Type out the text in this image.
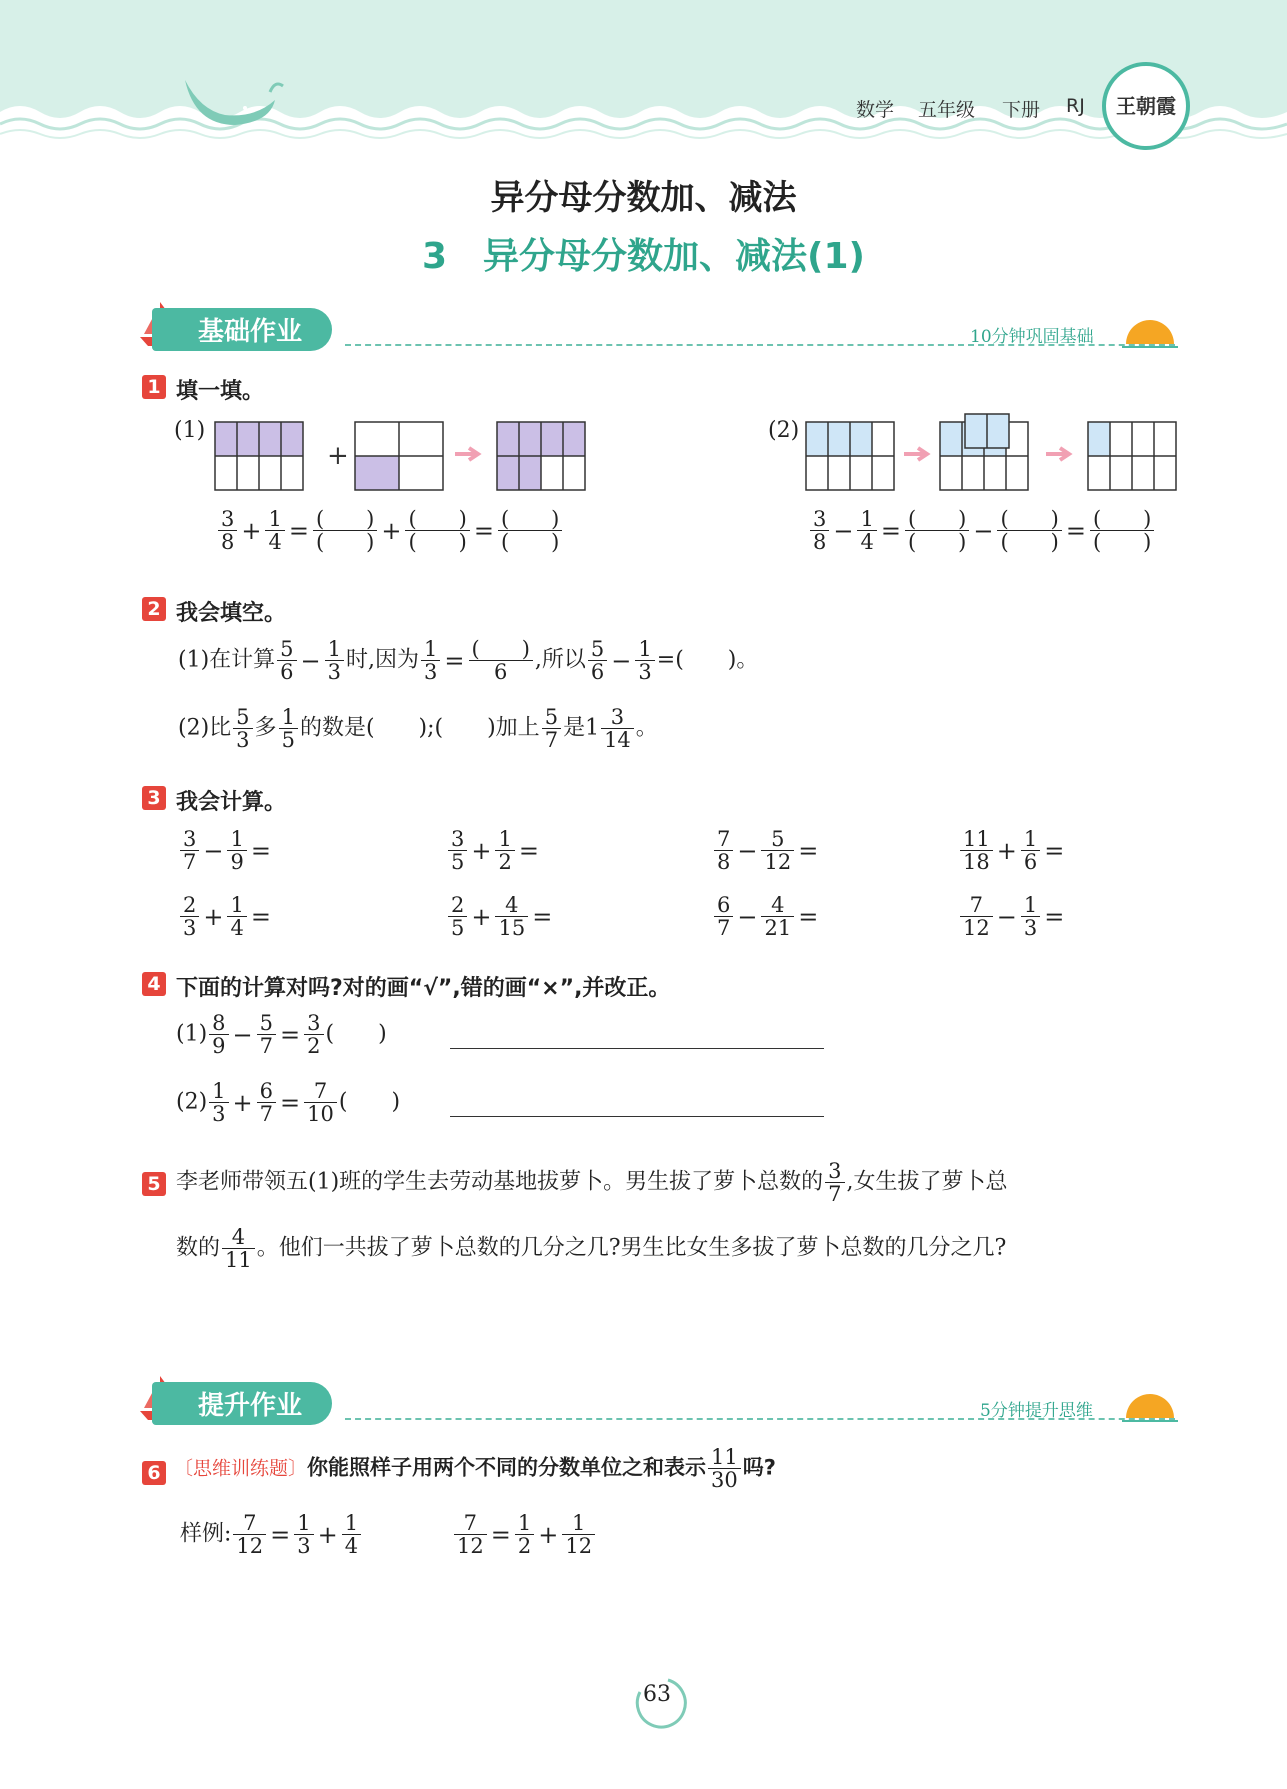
数学 五年级 下册 RJ	王朝霞
异分母分数加、减法
3　异分母分数加、减法(1)
基础作业	10分钟巩固基础
1 填一填。
(1)	(2)
+
$\frac{3}{8} + \frac{1}{4}$ = (　　)
(　　) + (　　)
(　　) = (　　)
(　　)	$\frac{3}{8} - \frac{1}{4}$ = (　　)
(　　) − (　　)
(　　) = (　　)
(　　)
2 我会填空。
(1)在计算 $\frac{5}{6} - \frac{1}{3}$ 时,因为 $\frac{1}{3}$ = (　　)
6	,所以 $\frac{5}{6} - \frac{1}{3}$ =(　　)。
(2)比 $\frac{5}{3}$ 多 $\frac{1}{5}$ 的数是(　　);(　　)加上 $\frac{5}{7}$ 是$1 \frac{3}{14}$ 。
3 我会计算。
$\frac{3}{7} - \frac{1}{9}$ =	$\frac{3}{5} + \frac{1}{2}$ =	$\frac{7}{8} - \frac{5}{12}$ =	$\frac{11}{18} + \frac{1}{6}$ =
$\frac{2}{3} + \frac{1}{4}$ =	$\frac{2}{5} + \frac{4}{15}$ =	$\frac{6}{7} - \frac{4}{21}$ =	$\frac{7}{12} - \frac{1}{3}$ =
4 下面的计算对吗?对的画“√”,错的画“×”,并改正。
$(1) \frac{8}{9} - \frac{5}{7} = \frac{3}{2}$ (　　)
$(2) \frac{1}{3} + \frac{6}{7} = \frac{7}{10}$ (　　)
5 李老师带领五(1)班的学生去劳动基地拔萝卜。男生拔了萝卜总数的 $\frac{3}{7}$ ,女生拔了萝卜总
数的 $\frac{4}{11}$ 。他们一共拔了萝卜总数的几分之几?男生比女生多拔了萝卜总数的几分之几?
提升作业	5分钟提升思维
6 〔思维训练题〕你能照样子用两个不同的分数单位之和表示 $\frac{11}{30}$ 吗?
样例: $\frac{7}{12} = \frac{1}{3} + \frac{1}{4}$	$\frac{7}{12} = \frac{1}{2} + \frac{1}{12}$
63
